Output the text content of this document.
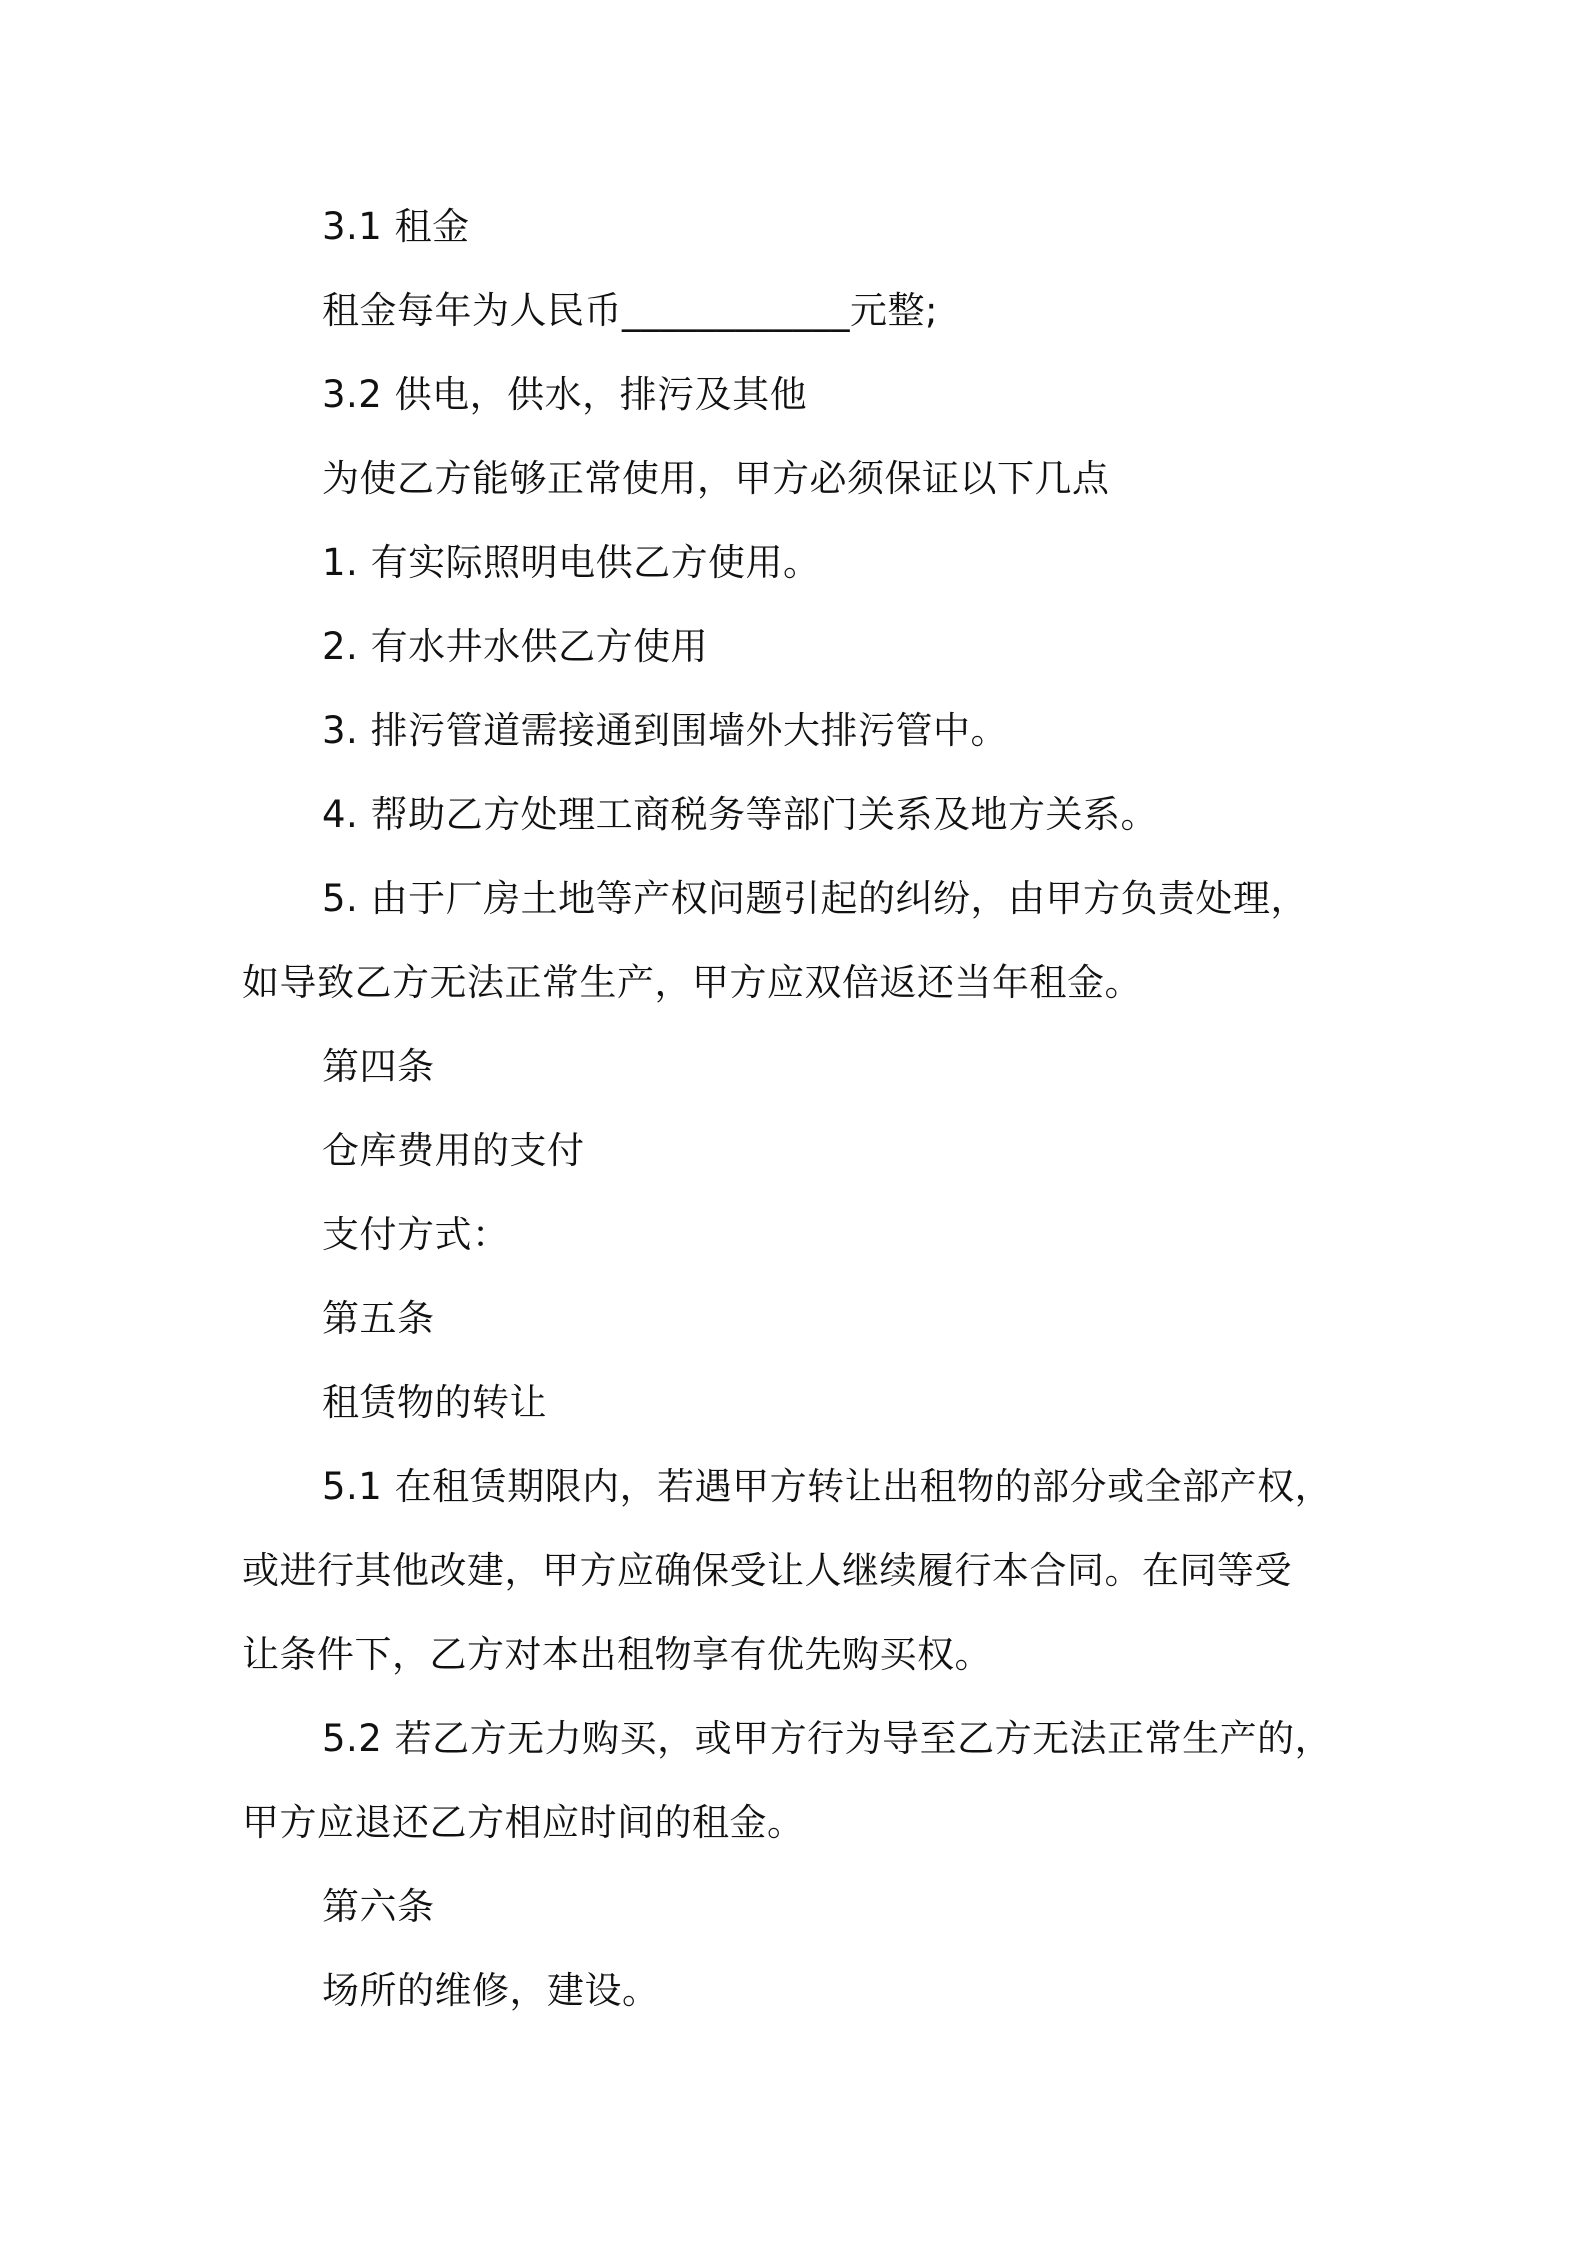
3.1 租金
租金每年为人民币____________元整;
3.2 供电，供水，排污及其他
为使乙方能够正常使用，甲方必须保证以下几点
1. 有实际照明电供乙方使用。
2. 有水井水供乙方使用
3. 排污管道需接通到围墙外大排污管中。
4. 帮助乙方处理工商税务等部门关系及地方关系。
5. 由于厂房土地等产权问题引起的纠纷，由甲方负责处理，
如导致乙方无法正常生产，甲方应双倍返还当年租金。
第四条
仓库费用的支付
支付方式：
第五条
租赁物的转让
5.1 在租赁期限内，若遇甲方转让出租物的部分或全部产权，
或进行其他改建，甲方应确保受让人继续履行本合同。在同等受
让条件下，乙方对本出租物享有优先购买权。
5.2 若乙方无力购买，或甲方行为导至乙方无法正常生产的，
甲方应退还乙方相应时间的租金。
第六条
场所的维修，建设。
